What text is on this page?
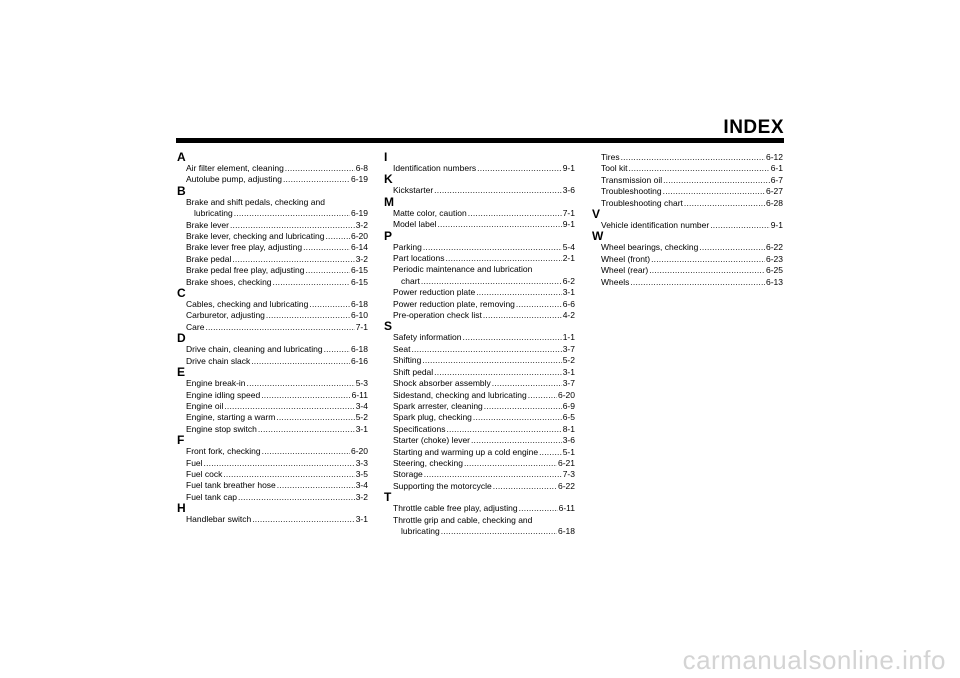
INDEX
A
Air filter element, cleaning .....	6-8
Autolube pump, adjusting .....	6-19
B
Brake and shift pedals, checking and
lubricating .....	6-19
Brake lever .....	3-2
Brake lever, checking and lubricating .....	6-20
Brake lever free play, adjusting .....	6-14
Brake pedal .....	3-2
Brake pedal free play, adjusting .....	6-15
Brake shoes, checking .....	6-15
C
Cables, checking and lubricating .....	6-18
Carburetor, adjusting .....	6-10
Care .....	7-1
D
Drive chain, cleaning and lubricating .....	6-18
Drive chain slack .....	6-16
E
Engine break-in .....	5-3
Engine idling speed .....	6-11
Engine oil .....	3-4
Engine, starting a warm .....	5-2
Engine stop switch .....	3-1
F
Front fork, checking .....	6-20
Fuel .....	3-3
Fuel cock .....	3-5
Fuel tank breather hose .....	3-4
Fuel tank cap .....	3-2
H
Handlebar switch .....	3-1
I
Identification numbers .....	9-1
K
Kickstarter .....	3-6
M
Matte color, caution .....	7-1
Model label .....	9-1
P
Parking .....	5-4
Part locations .....	2-1
Periodic maintenance and lubrication
chart .....	6-2
Power reduction plate .....	3-1
Power reduction plate, removing .....	6-6
Pre-operation check list .....	4-2
S
Safety information .....	1-1
Seat .....	3-7
Shifting .....	5-2
Shift pedal .....	3-1
Shock absorber assembly .....	3-7
Sidestand, checking and lubricating .....	6-20
Spark arrester, cleaning .....	6-9
Spark plug, checking .....	6-5
Specifications .....	8-1
Starter (choke) lever .....	3-6
Starting and warming up a cold engine .....	5-1
Steering, checking .....	6-21
Storage .....	7-3
Supporting the motorcycle .....	6-22
T
Throttle cable free play, adjusting .....	6-11
Throttle grip and cable, checking and
lubricating .....	6-18
Tires .....	6-12
Tool kit .....	6-1
Transmission oil .....	6-7
Troubleshooting .....	6-27
Troubleshooting chart .....	6-28
V
Vehicle identification number .....	9-1
W
Wheel bearings, checking .....	6-22
Wheel (front) .....	6-23
Wheel (rear) .....	6-25
Wheels .....	6-13
carmanualsonline.info
